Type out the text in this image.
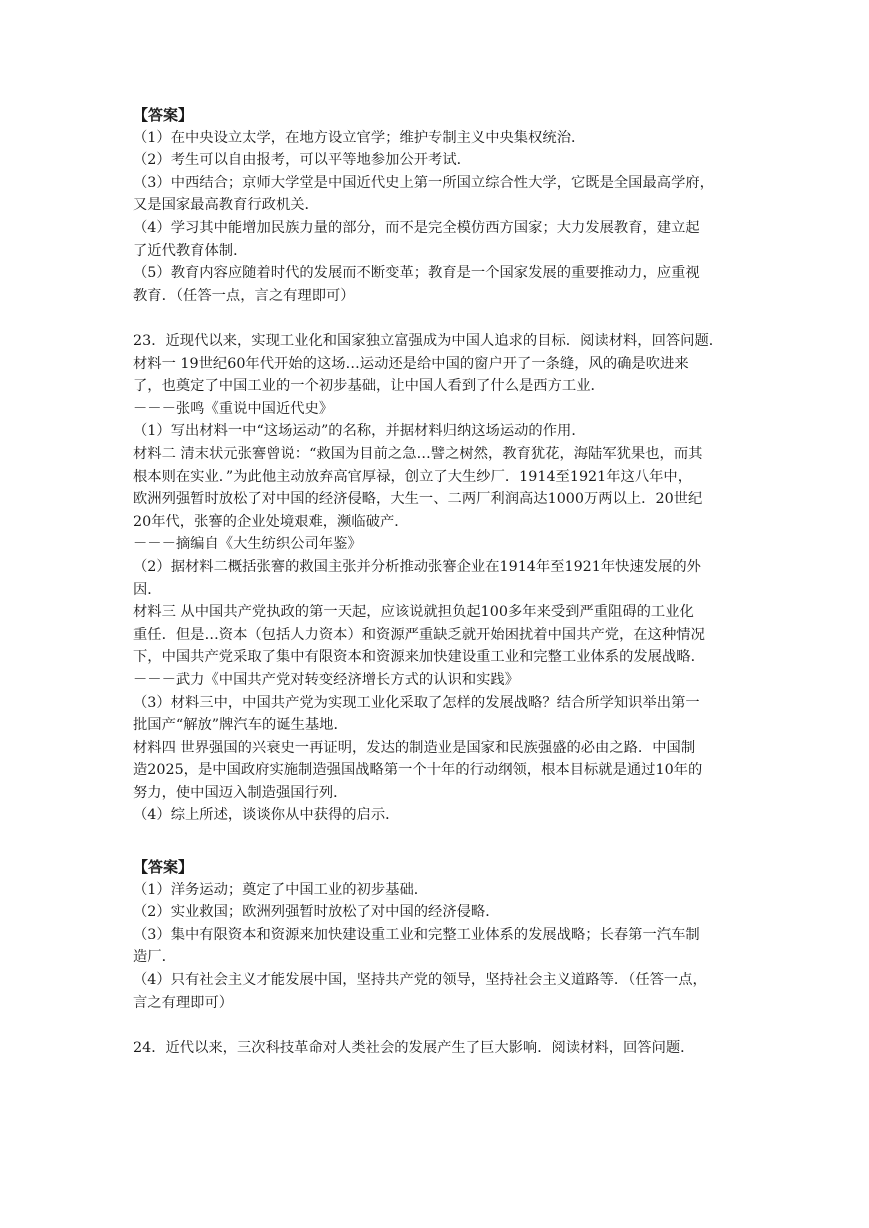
【答案】
（1）在中央设立太学，在地方设立官学；维护专制主义中央集权统治．
（2）考生可以自由报考，可以平等地参加公开考试．
（3）中西结合；京师大学堂是中国近代史上第一所国立综合性大学，它既是全国最高学府，
又是国家最高教育行政机关．
（4）学习其中能增加民族力量的部分，而不是完全模仿西方国家；大力发展教育，建立起
了近代教育体制．
（5）教育内容应随着时代的发展而不断变革；教育是一个国家发展的重要推动力，应重视
教育．（任答一点，言之有理即可）
23．近现代以来，实现工业化和国家独立富强成为中国人追求的目标．阅读材料，回答问题．
材料一 19世纪60年代开始的这场…运动还是给中国的窗户开了一条缝，风的确是吹进来
了，也奠定了中国工业的一个初步基础，让中国人看到了什么是西方工业．
－－－张鸣《重说中国近代史》
（1）写出材料一中“这场运动”的名称，并据材料归纳这场运动的作用．
材料二 清末状元张謇曾说：“救国为目前之急…譬之树然，教育犹花，海陆军犹果也，而其
根本则在实业．”为此他主动放弃高官厚禄，创立了大生纱厂．1914至1921年这八年中，
欧洲列强暂时放松了对中国的经济侵略，大生一、二两厂利润高达1000万两以上．20世纪
20年代，张謇的企业处境艰难，濒临破产．
－－－摘编自《大生纺织公司年鉴》
（2）据材料二概括张謇的救国主张并分析推动张謇企业在1914年至1921年快速发展的外
因．
材料三 从中国共产党执政的第一天起，应该说就担负起100多年来受到严重阻碍的工业化
重任．但是…资本（包括人力资本）和资源严重缺乏就开始困扰着中国共产党，在这种情况
下，中国共产党采取了集中有限资本和资源来加快建设重工业和完整工业体系的发展战略．
－－－武力《中国共产党对转变经济增长方式的认识和实践》
（3）材料三中，中国共产党为实现工业化采取了怎样的发展战略？结合所学知识举出第一
批国产“解放”牌汽车的诞生基地．
材料四 世界强国的兴衰史一再证明，发达的制造业是国家和民族强盛的必由之路．中国制
造2025，是中国政府实施制造强国战略第一个十年的行动纲领，根本目标就是通过10年的
努力，使中国迈入制造强国行列．
（4）综上所述，谈谈你从中获得的启示．
【答案】
（1）洋务运动；奠定了中国工业的初步基础．
（2）实业救国；欧洲列强暂时放松了对中国的经济侵略．
（3）集中有限资本和资源来加快建设重工业和完整工业体系的发展战略；长春第一汽车制
造厂．
（4）只有社会主义才能发展中国，坚持共产党的领导，坚持社会主义道路等．（任答一点，
言之有理即可）
24．近代以来，三次科技革命对人类社会的发展产生了巨大影响．阅读材料，回答问题．
